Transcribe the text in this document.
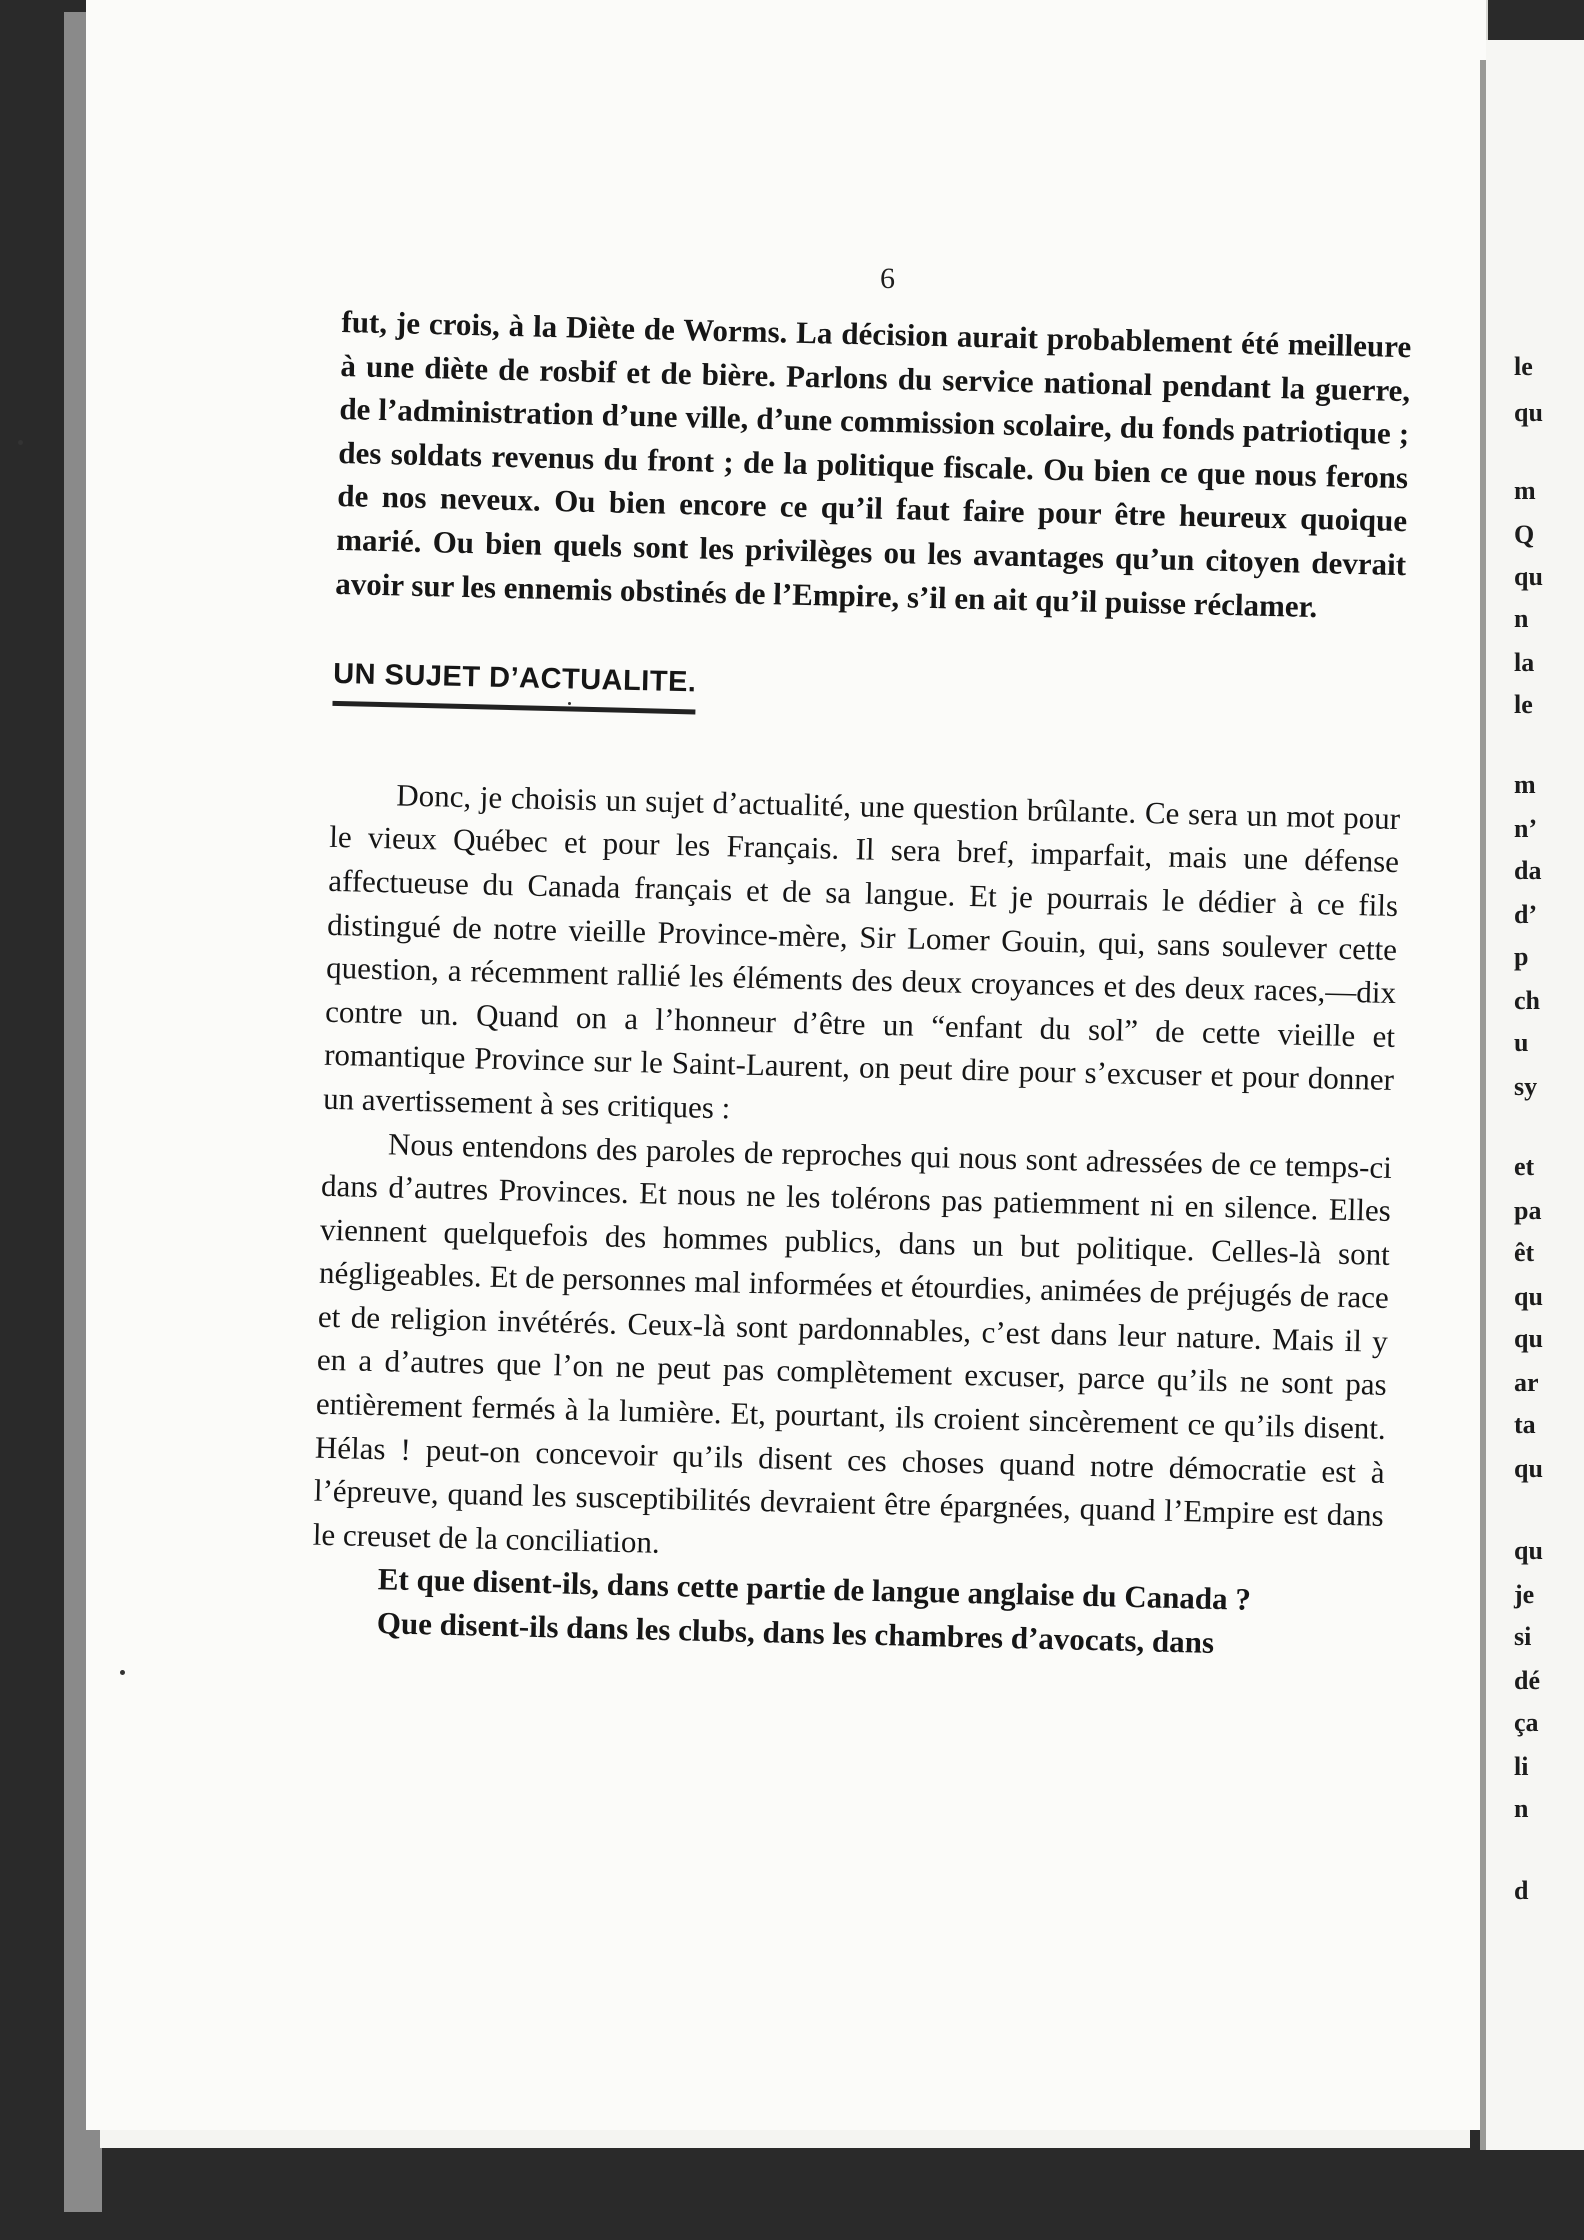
le
qu
m
Q
qu
n
la
le
m
n’
da
d’
p
ch
u
sy
et
pa
êt
qu
qu
ar
ta
qu
qu
je
si
dé
ça
li
n
d
6

fut, je crois, à la Diète de Worms. La décision aurait probablement été meilleure à une diète de rosbif et de bière. Parlons du service national pendant la guerre, de l’administration d’une ville, d’une commission scolaire, du fonds patriotique ; des soldats revenus du front ; de la politique fiscale. Ou bien ce que nous ferons de nos neveux. Ou bien encore ce qu’il faut faire pour être heureux quoique marié. Ou bien quels sont les privilèges ou les avantages qu’un citoyen devrait avoir sur les ennemis obstinés de l’Empire, s’il en ait qu’il puisse réclamer.

UN SUJET D’ACTUALITE.

Donc, je choisis un sujet d’actualité, une question brûlante. Ce sera un mot pour le vieux Québec et pour les Français. Il sera bref, imparfait, mais une défense affectueuse du Canada français et de sa langue. Et je pourrais le dédier à ce fils distingué de notre vieille Province-mère, Sir Lomer Gouin, qui, sans soulever cette question, a récemment rallié les éléments des deux croyances et des deux races,—dix contre un. Quand on a l’honneur d’être un “enfant du sol” de cette vieille et romantique Province sur le Saint-Laurent, on peut dire pour s’excuser et pour donner un avertissement à ses critiques :

Nous entendons des paroles de reproches qui nous sont adressées de ce temps-ci dans d’autres Provinces. Et nous ne les tolérons pas patiemment ni en silence. Elles viennent quelquefois des hommes publics, dans un but politique. Celles-là sont négligeables. Et de personnes mal informées et étourdies, animées de préjugés de race et de religion invétérés. Ceux-là sont pardonnables, c’est dans leur nature. Mais il y en a d’autres que l’on ne peut pas complètement excuser, parce qu’ils ne sont pas entièrement fermés à la lumière. Et, pourtant, ils croient sincèrement ce qu’ils disent. Hélas ! peut-on concevoir qu’ils disent ces choses quand notre démocratie est à l’épreuve, quand les susceptibilités devraient être épargnées, quand l’Empire est dans le creuset de la conciliation.

Et que disent-ils, dans cette partie de langue anglaise du Canada ?

Que disent-ils dans les clubs, dans les chambres d’avocats, dans
